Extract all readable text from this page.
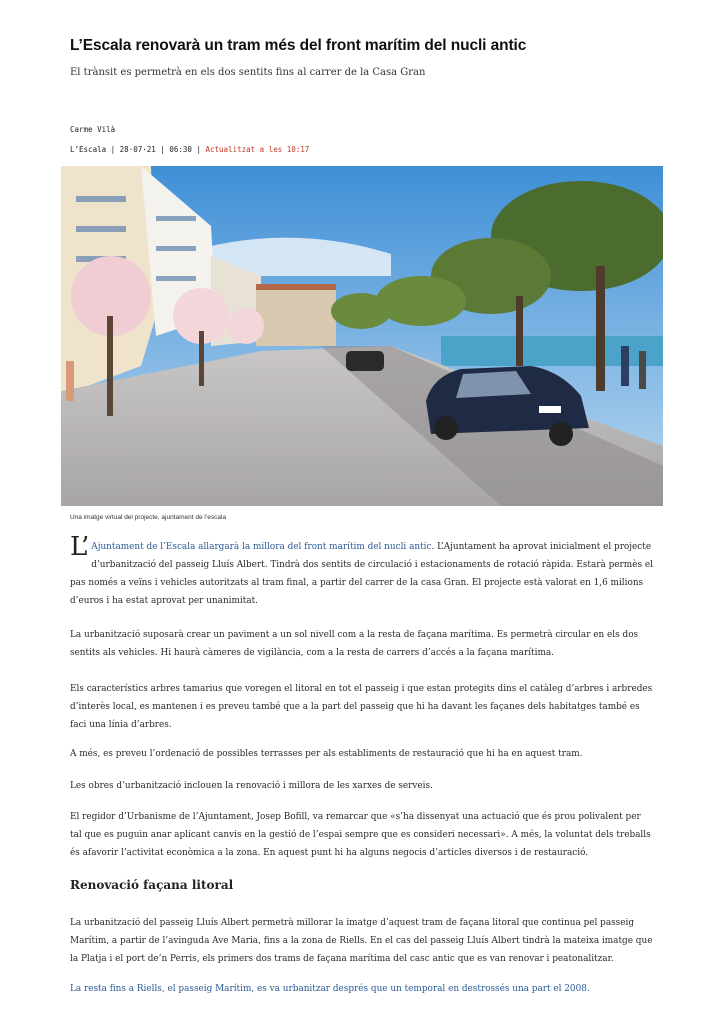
L’Escala renovarà un tram més del front marítim del nucli antic

El trànsit es permetrà en els dos sentits fins al carrer de la Casa Gran

Carme Vilà
L’Escala | 28·07·21 | 06:30 | Actualitzat a les 10:17
Una imatge virtual del projecte, ajuntament de l’escala
L’ Ajuntament de l’Escala allargarà la millora del front marítim del nucli antic. L’Ajuntament ha aprovat inicialment el projecte d’urbanització del passeig Lluís Albert. Tindrà dos sentits de circulació i estacionaments de rotació ràpida. Estarà permès el pas només a veïns i vehicles autoritzats al tram final, a partir del carrer de la casa Gran. El projecte està valorat en 1,6 milions d’euros i ha estat aprovat per unanimitat.

La urbanització suposarà crear un paviment a un sol nivell com a la resta de façana marítima. Es permetrà circular en els dos sentits als vehicles. Hi haurà càmeres de vigilància, com a la resta de carrers d’accés a la façana marítima.

Els característics arbres tamarius que voregen el litoral en tot el passeig i que estan protegits dins el catàleg d’arbres i arbredes d’interès local, es mantenen i es preveu també que a la part del passeig que hi ha davant les façanes dels habitatges també es faci una línia d’arbres.

A més, es preveu l’ordenació de possibles terrasses per als establiments de restauració que hi ha en aquest tram.

Les obres d’urbanització inclouen la renovació i millora de les xarxes de serveis.

El regidor d’Urbanisme de l’Ajuntament, Josep Bofill, va remarcar que «s’ha dissenyat una actuació que és prou polivalent per tal que es puguin anar aplicant canvis en la gestió de l’espai sempre que es consideri necessari». A més, la voluntat dels treballs és afavorir l’activitat econòmica a la zona. En aquest punt hi ha alguns negocis d’articles diversos i de restauració.

Renovació façana litoral

La urbanització del passeig Lluís Albert permetrà millorar la imatge d’aquest tram de façana litoral que continua pel passeig Marítim, a partir de l’avinguda Ave Maria, fins a la zona de Riells. En el cas del passeig Lluís Albert tindrà la mateixa imatge que la Platja i el port de’n Perris, els primers dos trams de façana marítima del casc antic que es van renovar i peatonalitzar.

La resta fins a Riells, el passeig Marítim, es va urbanitzar després que un temporal en destrossés una part el 2008.
